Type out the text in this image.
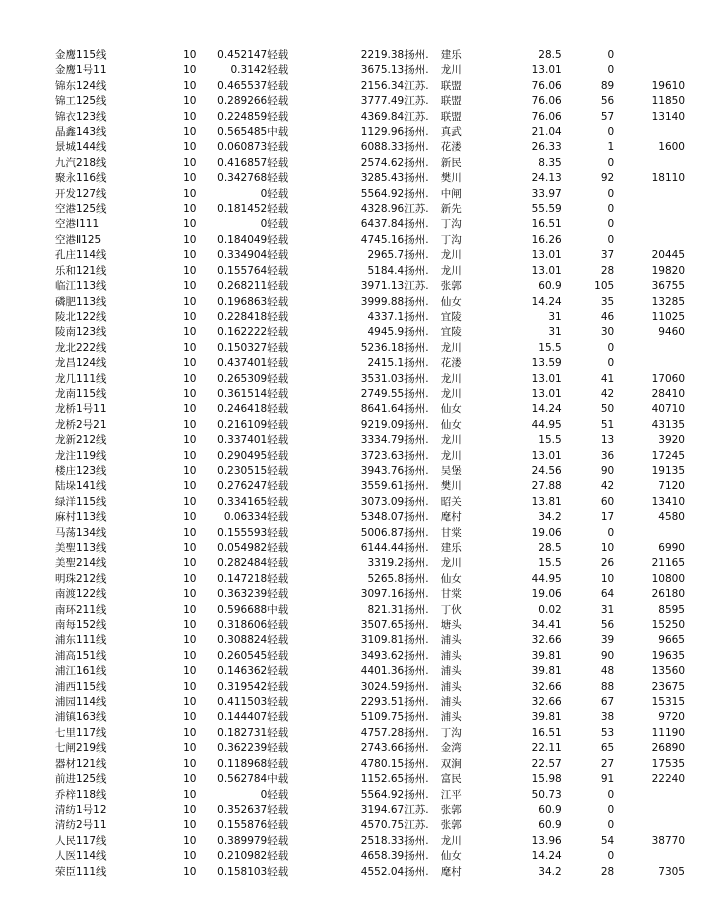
金鹰115线	10	0.452147	轻载	2219.38	扬州.	建乐	28.5	0	
金鹰1号11	10	0.3142	轻载	3675.13	扬州.	龙川	13.01	0	
锦东124线	10	0.465537	轻载	2156.34	江苏.	联盟	76.06	89	19610
锦工125线	10	0.289266	轻载	3777.49	江苏.	联盟	76.06	56	11850
锦衣123线	10	0.224859	轻载	4369.84	江苏.	联盟	76.06	57	13140
晶鑫143线	10	0.565485	中载	1129.96	扬州.	真武	21.04	0	
景城144线	10	0.060873	轻载	6088.33	扬州.	花溇	26.33	1	1600
九汽218线	10	0.416857	轻载	2574.62	扬州.	新民	8.35	0	
聚永116线	10	0.342768	轻载	3285.43	扬州.	樊川	24.13	92	18110
开发127线	10	0	轻载	5564.92	扬州.	中闸	33.97	0	
空港125线	10	0.181452	轻载	4328.96	江苏.	新先	55.59	0	
空港Ⅰ111	10	0	轻载	6437.84	扬州.	丁沟	16.51	0	
空港Ⅱ125	10	0.184049	轻载	4745.16	扬州.	丁沟	16.26	0	
孔庄114线	10	0.334904	轻载	2965.7	扬州.	龙川	13.01	37	20445
乐和121线	10	0.155764	轻载	5184.4	扬州.	龙川	13.01	28	19820
临江113线	10	0.268211	轻载	3971.13	江苏.	张郭	60.9	105	36755
磷肥113线	10	0.196863	轻载	3999.88	扬州.	仙女	14.24	35	13285
陵北122线	10	0.228418	轻载	4337.1	扬州.	宜陵	31	46	11025
陵南123线	10	0.162222	轻载	4945.9	扬州.	宜陵	31	30	9460
龙北222线	10	0.150327	轻载	5236.18	扬州.	龙川	15.5	0	
龙昌124线	10	0.437401	轻载	2415.1	扬州.	花溇	13.59	0	
龙几111线	10	0.265309	轻载	3531.03	扬州.	龙川	13.01	41	17060
龙南115线	10	0.361514	轻载	2749.55	扬州.	龙川	13.01	42	28410
龙桥1号11	10	0.246418	轻载	8641.64	扬州.	仙女	14.24	50	40710
龙桥2号21	10	0.216109	轻载	9219.09	扬州.	仙女	44.95	51	43135
龙新212线	10	0.337401	轻载	3334.79	扬州.	龙川	15.5	13	3920
龙注119线	10	0.290495	轻载	3723.63	扬州.	龙川	13.01	36	17245
楼庄123线	10	0.230515	轻载	3943.76	扬州.	吴堡	24.56	90	19135
陆垛141线	10	0.276247	轻载	3559.61	扬州.	樊川	27.88	42	7120
绿洋115线	10	0.334165	轻载	3073.09	扬州.	昭关	13.81	60	13410
麻村113线	10	0.06334	轻载	5348.07	扬州.	麾村	34.2	17	4580
马荡134线	10	0.155593	轻载	5006.87	扬州.	甘棠	19.06	0	
美聖113线	10	0.054982	轻载	6144.44	扬州.	建乐	28.5	10	6990
美聖214线	10	0.282484	轻载	3319.2	扬州.	龙川	15.5	26	21165
明珠212线	10	0.147218	轻载	5265.8	扬州.	仙女	44.95	10	10800
南渡122线	10	0.363239	轻载	3097.16	扬州.	甘棠	19.06	64	26180
南环211线	10	0.596688	中载	821.31	扬州.	丁伙	0.02	31	8595
南每152线	10	0.318606	轻载	3507.65	扬州.	塘头	34.41	56	15250
浦东111线	10	0.308824	轻载	3109.81	扬州.	浦头	32.66	39	9665
浦高151线	10	0.260545	轻载	3493.62	扬州.	浦头	39.81	90	19635
浦江161线	10	0.146362	轻载	4401.36	扬州.	浦头	39.81	48	13560
浦西115线	10	0.319542	轻载	3024.59	扬州.	浦头	32.66	88	23675
浦园114线	10	0.411503	轻载	2293.51	扬州.	浦头	32.66	67	15315
浦镇163线	10	0.144407	轻载	5109.75	扬州.	浦头	39.81	38	9720
七里117线	10	0.182731	轻载	4757.28	扬州.	丁沟	16.51	53	11190
七闸219线	10	0.362239	轻载	2743.66	扬州.	金湾	22.11	65	26890
器材121线	10	0.118968	轻载	4780.15	扬州.	双涧	22.57	27	17535
前进125线	10	0.562784	中载	1152.65	扬州.	富民	15.98	91	22240
乔梓118线	10	0	轻载	5564.92	扬州.	江平	50.73	0	
清纺1号12	10	0.352637	轻载	3194.67	江苏.	张郭	60.9	0	
清纺2号11	10	0.155876	轻载	4570.75	江苏.	张郭	60.9	0	
人民117线	10	0.389979	轻载	2518.33	扬州.	龙川	13.96	54	38770
人医114线	10	0.210982	轻载	4658.39	扬州.	仙女	14.24	0	
荣臣111线	10	0.158103	轻载	4552.04	扬州.	麾村	34.2	28	7305
